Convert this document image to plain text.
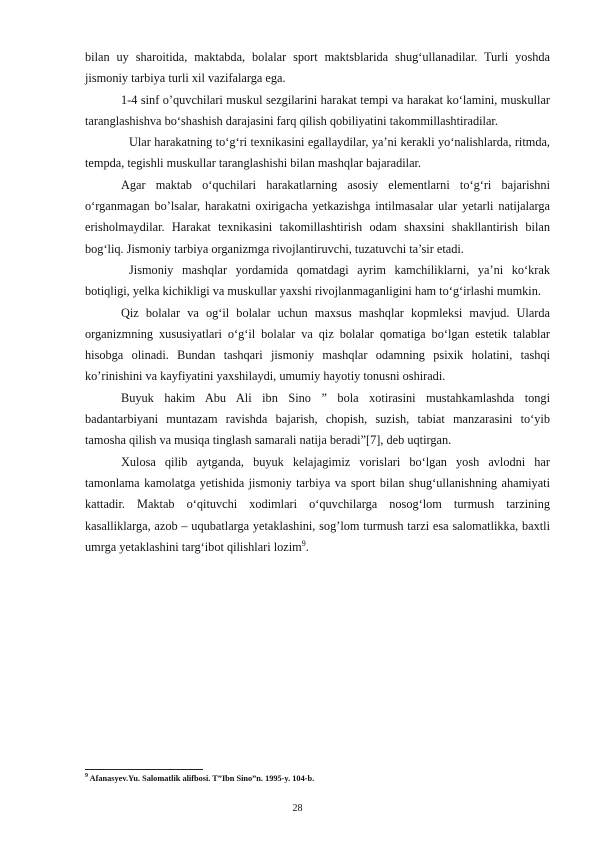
bilan uy sharoitida, maktabda, bolalar sport maktsblarida shug‘ullanadilar. Turli yoshda jismoniy tarbiya turli xil vazifalarga ega.

1-4 sinf o’quvchilari muskul sezgilarini harakat tempi va harakat ko‘lamini, muskullar taranglashishva bo‘shashish darajasini farq qilish qobiliyatini takommillashtiradilar.

Ular harakatning to‘g‘ri texnikasini egallaydilar, ya’ni kerakli yo‘nalishlarda, ritmda, tempda, tegishli muskullar taranglashishi bilan mashqlar bajaradilar.

Agar maktab o‘quchilari harakatlarning asosiy elementlarni to‘g‘ri bajarishni o‘rganmagan bo’lsalar, harakatni oxirigacha yetkazishga intilmasalar ular yetarli natijalarga erisholmaydilar. Harakat texnikasini takomillashtirish odam shaxsini shakllantirish bilan bog‘liq. Jismoniy tarbiya organizmga rivojlantiruvchi, tuzatuvchi ta’sir etadi.

Jismoniy mashqlar yordamida qomatdagi ayrim kamchiliklarni, ya’ni ko‘krak botiqligi, yelka kichikligi va muskullar yaxshi rivojlanmaganligini ham to‘g‘irlashi mumkin.

Qiz bolalar va og‘il bolalar uchun maxsus mashqlar kopmleksi mavjud. Ularda organizmning xususiyatlari o‘g‘il bolalar va qiz bolalar qomatiga bo‘lgan estetik talablar hisobga olinadi. Bundan tashqari jismoniy mashqlar odamning psixik holatini, tashqi ko’rinishini va kayfiyatini yaxshilaydi, umumiy hayotiy tonusni oshiradi.

Buyuk hakim Abu Ali ibn Sino ” bola xotirasini mustahkamlashda tongi badantarbiyani muntazam ravishda bajarish, chopish, suzish, tabiat manzarasini to‘yib tamosha qilish va musiqa tinglash samarali natija beradi”[7], deb uqtirgan.

Xulosa qilib aytganda, buyuk kelajagimiz vorislari bo‘lgan yosh avlodni har tamonlama kamolatga yetishida jismoniy tarbiya va sport bilan shug‘ullanishning ahamiyati kattadir. Maktab o‘qituvchi xodimlari o‘quvchilarga nosog‘lom turmush tarzining kasalliklarga, azob – uqubatlarga yetaklashini, sog’lom turmush tarzi esa salomatlikka, baxtli umrga yetaklashini targ‘ibot qilishlari lozim$^9$.

$^9$ Afanasyev.Yu. Salomatlik alifbosi. T”Ibn Sino”n. 1995-y. 104-b.
28
